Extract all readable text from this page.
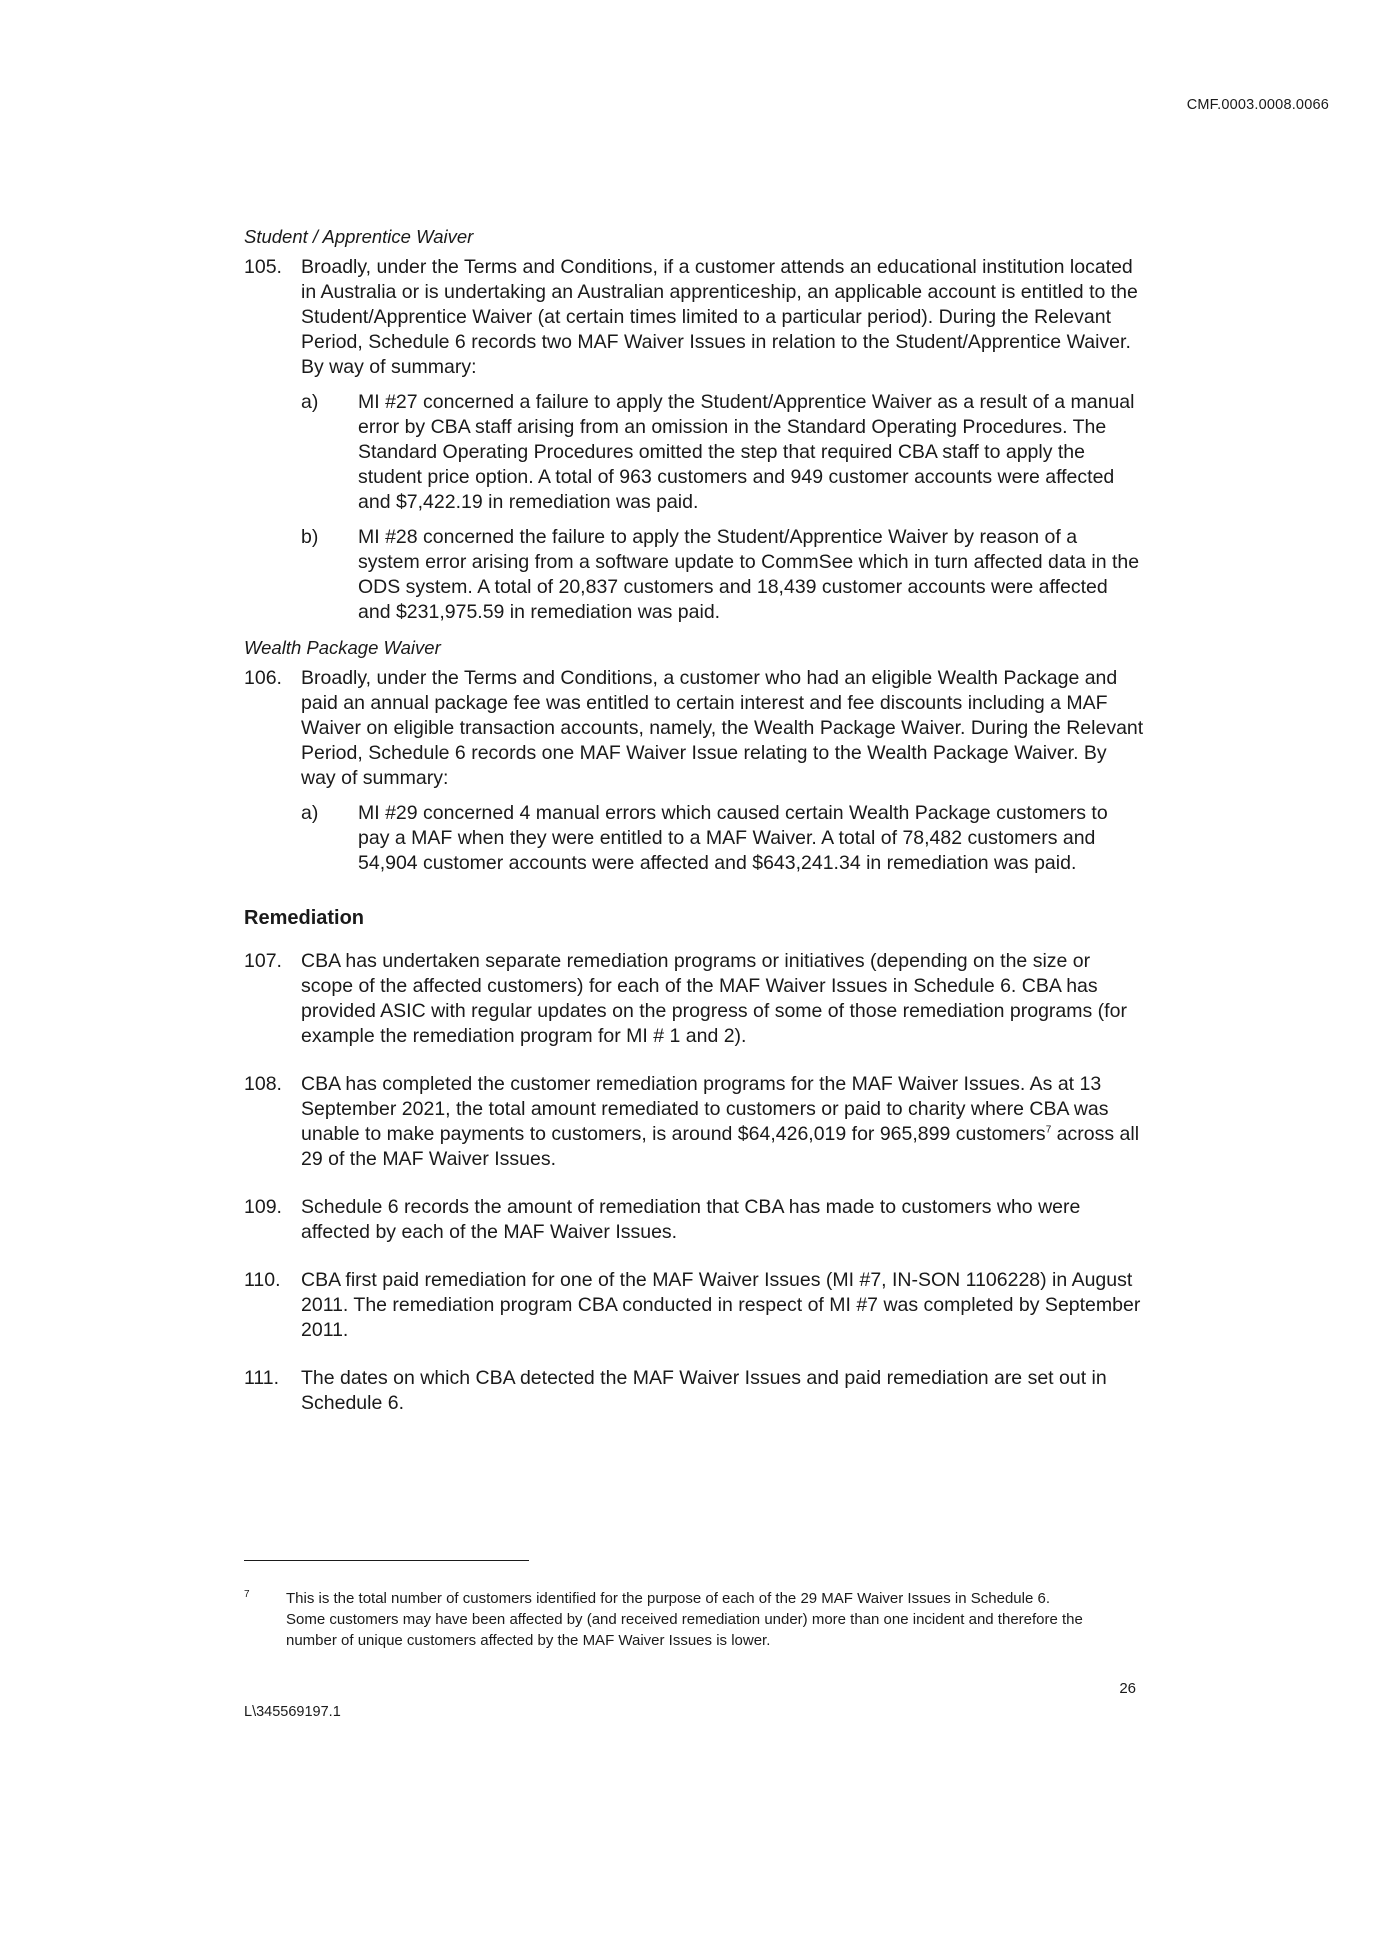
CMF.0003.0008.0066
Student / Apprentice Waiver
105. Broadly, under the Terms and Conditions, if a customer attends an educational institution located in Australia or is undertaking an Australian apprenticeship, an applicable account is entitled to the Student/Apprentice Waiver (at certain times limited to a particular period). During the Relevant Period, Schedule 6 records two MAF Waiver Issues in relation to the Student/Apprentice Waiver. By way of summary:
a)	MI #27 concerned a failure to apply the Student/Apprentice Waiver as a result of a manual error by CBA staff arising from an omission in the Standard Operating Procedures. The Standard Operating Procedures omitted the step that required CBA staff to apply the student price option. A total of 963 customers and 949 customer accounts were affected and $7,422.19 in remediation was paid.
b)	MI #28 concerned the failure to apply the Student/Apprentice Waiver by reason of a system error arising from a software update to CommSee which in turn affected data in the ODS system. A total of 20,837 customers and 18,439 customer accounts were affected and $231,975.59 in remediation was paid.
Wealth Package Waiver
106. Broadly, under the Terms and Conditions, a customer who had an eligible Wealth Package and paid an annual package fee was entitled to certain interest and fee discounts including a MAF Waiver on eligible transaction accounts, namely, the Wealth Package Waiver. During the Relevant Period, Schedule 6 records one MAF Waiver Issue relating to the Wealth Package Waiver. By way of summary:
a)	MI #29 concerned 4 manual errors which caused certain Wealth Package customers to pay a MAF when they were entitled to a MAF Waiver. A total of 78,482 customers and 54,904 customer accounts were affected and $643,241.34 in remediation was paid.
Remediation
107. CBA has undertaken separate remediation programs or initiatives (depending on the size or scope of the affected customers) for each of the MAF Waiver Issues in Schedule 6. CBA has provided ASIC with regular updates on the progress of some of those remediation programs (for example the remediation program for MI # 1 and 2).
108. CBA has completed the customer remediation programs for the MAF Waiver Issues. As at 13 September 2021, the total amount remediated to customers or paid to charity where CBA was unable to make payments to customers, is around $64,426,019 for 965,899 customers$^7$ across all 29 of the MAF Waiver Issues.
109. Schedule 6 records the amount of remediation that CBA has made to customers who were affected by each of the MAF Waiver Issues.
110.	CBA first paid remediation for one of the MAF Waiver Issues (MI #7, IN-SON 1106228) in August 2011. The remediation program CBA conducted in respect of MI #7 was completed by September 2011.
111.	The dates on which CBA detected the MAF Waiver Issues and paid remediation are set out in Schedule 6.
7	This is the total number of customers identified for the purpose of each of the 29 MAF Waiver Issues in Schedule 6. Some customers may have been affected by (and received remediation under) more than one incident and therefore the number of unique customers affected by the MAF Waiver Issues is lower.
26
L\345569197.1
